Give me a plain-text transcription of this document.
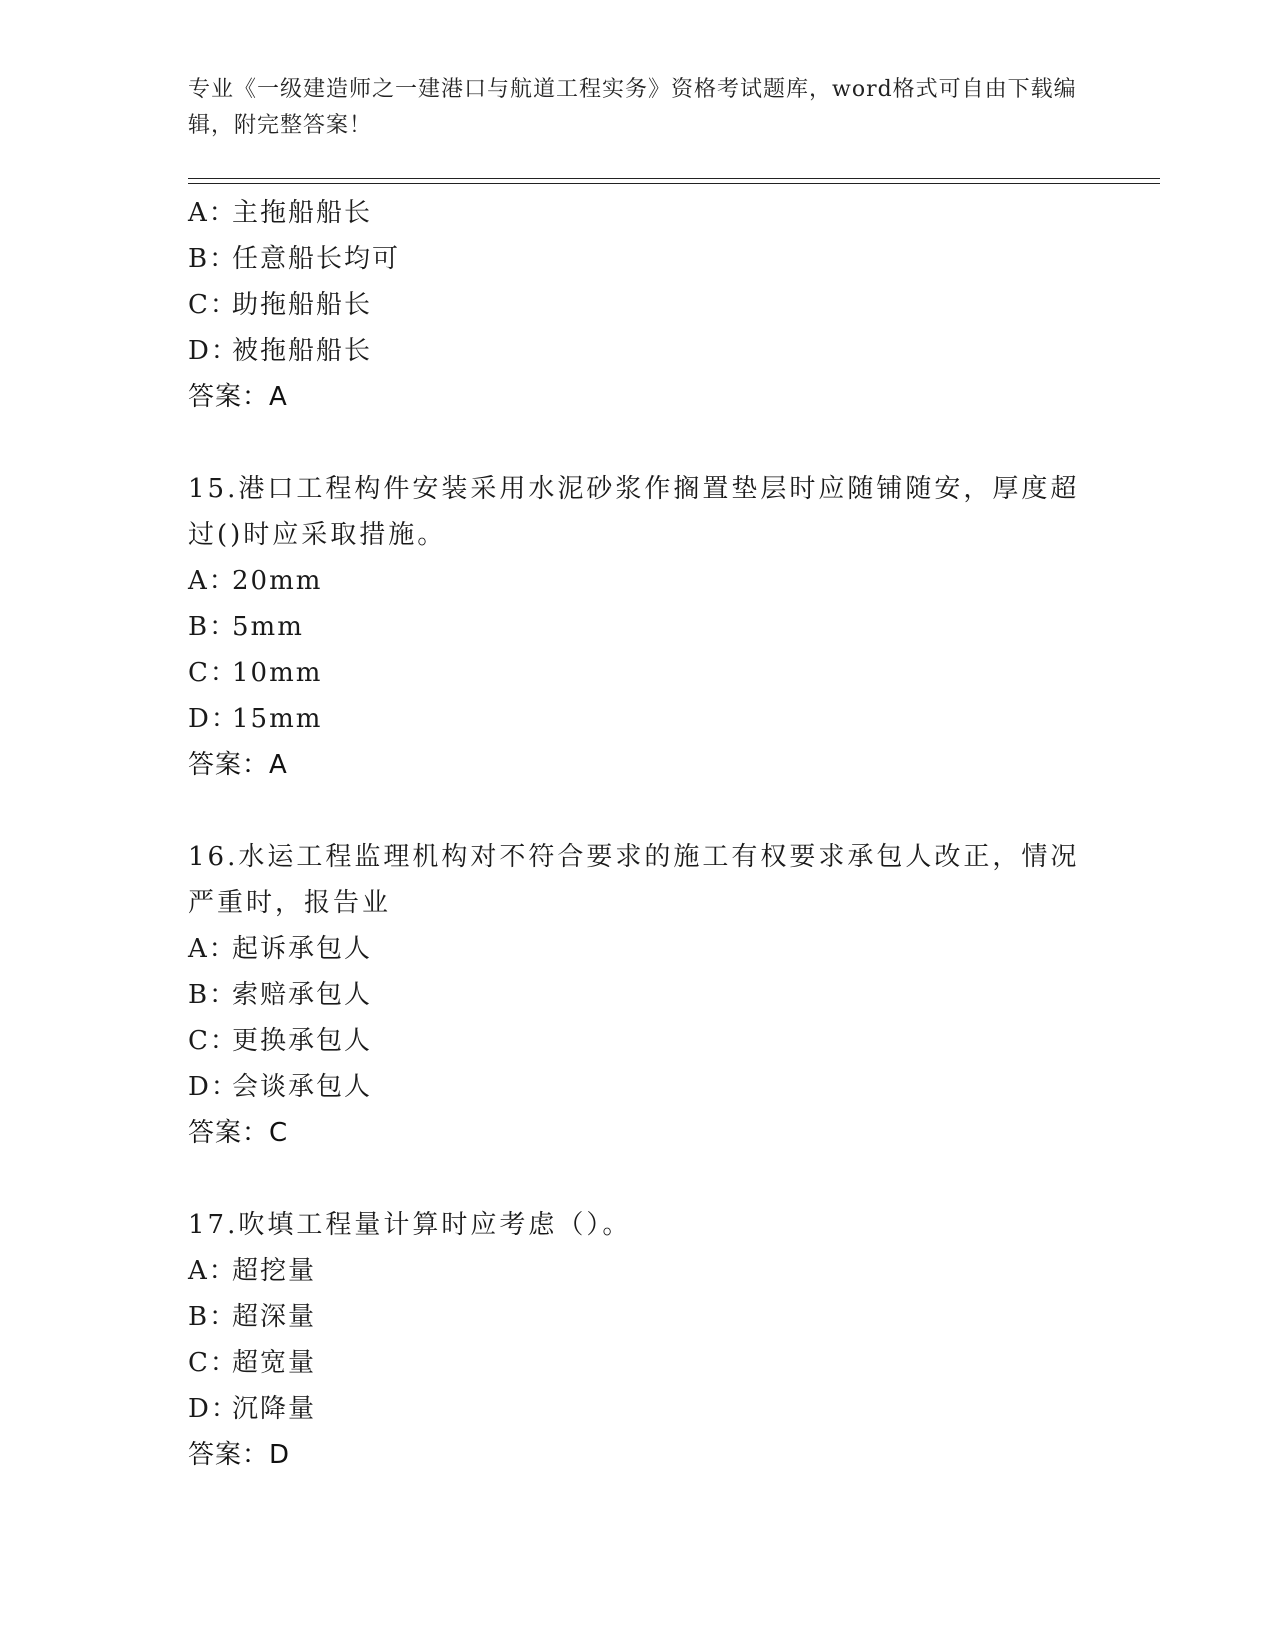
专业《一级建造师之一建港口与航道工程实务》资格考试题库，word格式可自由下载编辑，附完整答案！
A：主拖船船长
B：任意船长均可
C：助拖船船长
D：被拖船船长
答案：A
15.港口工程构件安装采用水泥砂浆作搁置垫层时应随铺随安，厚度超
过()时应采取措施。
A：20mm
B：5mm
C：10mm
D：15mm
答案：A
16.水运工程监理机构对不符合要求的施工有权要求承包人改正，情况
严重时，报告业
A：起诉承包人
B：索赔承包人
C：更换承包人
D：会谈承包人
答案：C
17.吹填工程量计算时应考虑（）。
A：超挖量
B：超深量
C：超宽量
D：沉降量
答案：D
